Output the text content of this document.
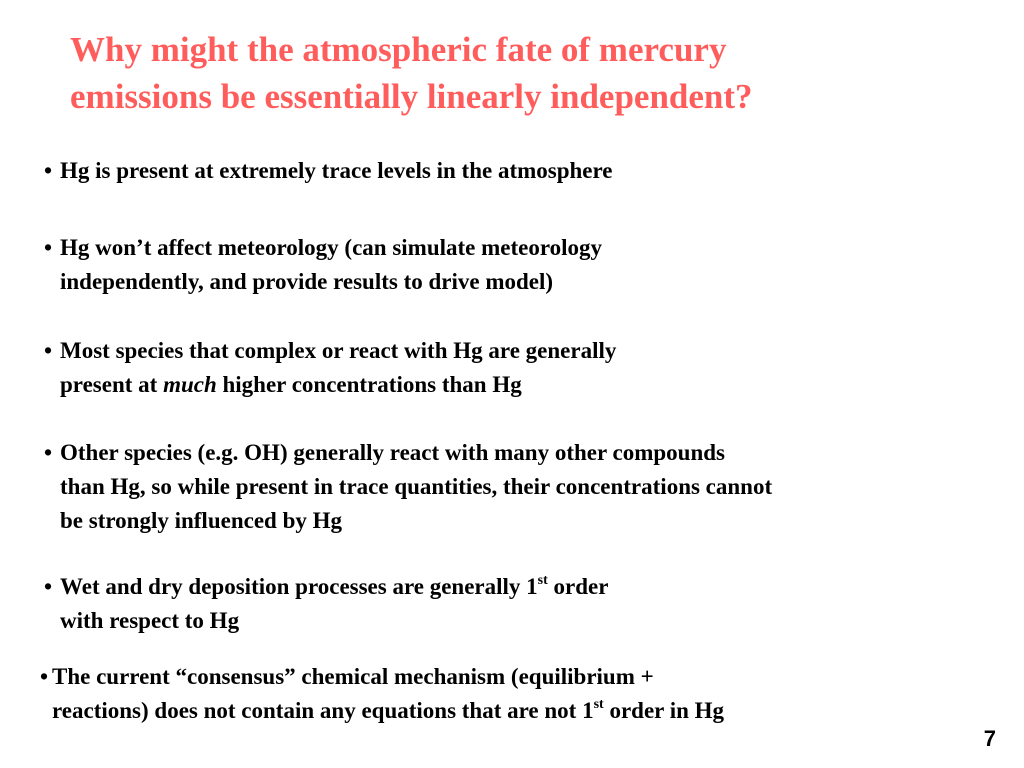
Why might the atmospheric fate of mercury
emissions be essentially linearly independent?
• Hg is present at extremely trace levels in the atmosphere
• Hg won’t affect meteorology (can simulate meteorology
independently, and provide results to drive model)
• Most species that complex or react with Hg are generally
present at much higher concentrations than Hg
• Other species (e.g. OH) generally react with many other compounds
than Hg, so while present in trace quantities, their concentrations cannot
be strongly influenced by Hg
• Wet and dry deposition processes are generally 1st order
with respect to Hg
• The current “consensus” chemical mechanism (equilibrium +
reactions) does not contain any equations that are not 1st order in Hg
7
